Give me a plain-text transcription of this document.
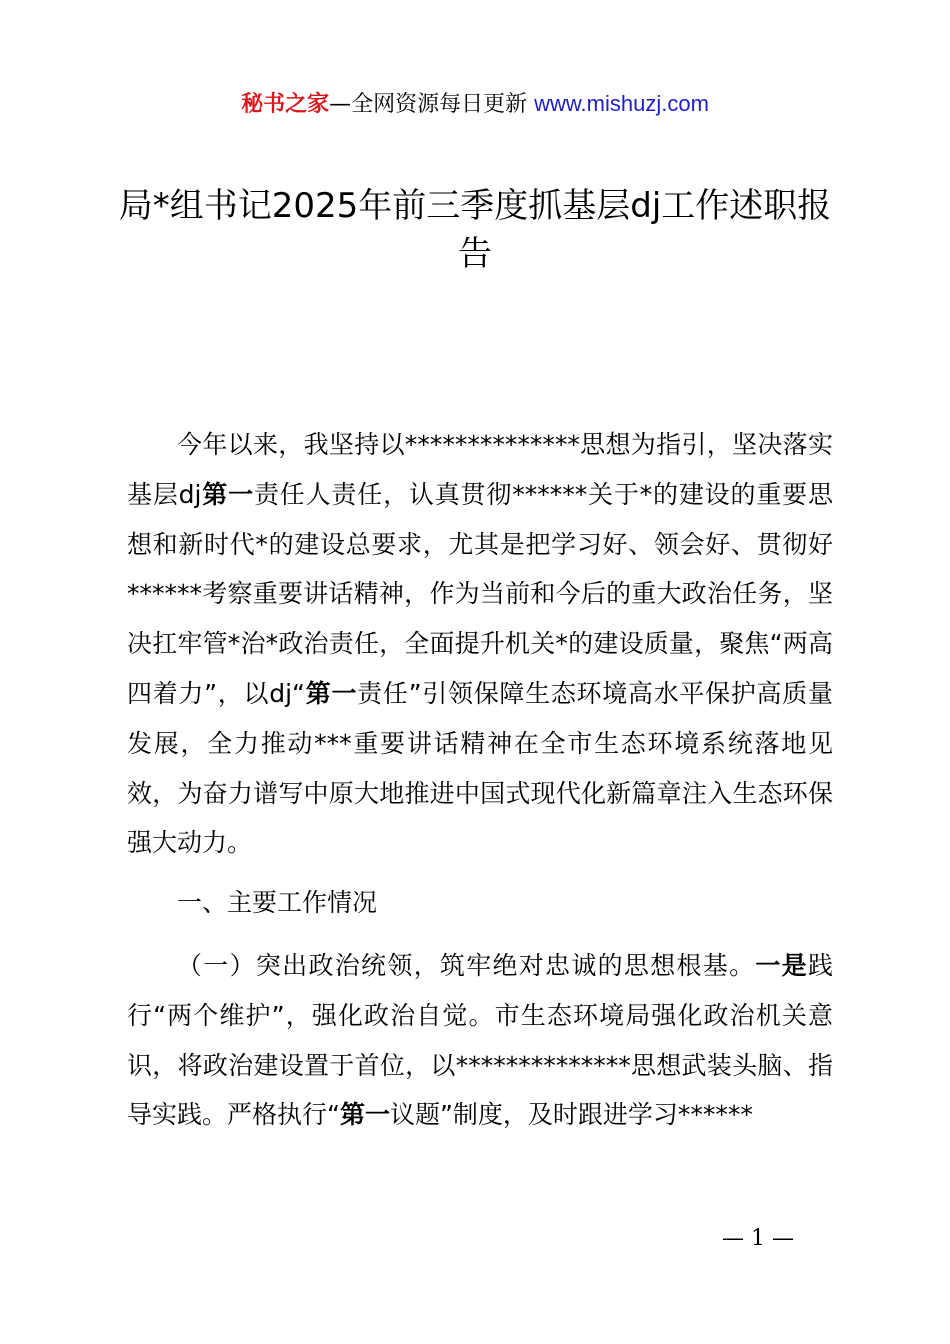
秘书之家—全网资源每日更新 www.mishuzj.com
局*组书记2025年前三季度抓基层dj工作述职报告

今年以来，我坚持以**************思想为指引，坚决落实基层dj第一责任人责任，认真贯彻******关于*的建设的重要思想和新时代*的建设总要求，尤其是把学习好、领会好、贯彻好******考察重要讲话精神，作为当前和今后的重大政治任务，坚决扛牢管*治*政治责任，全面提升机关*的建设质量，聚焦“两高四着力”，以dj“第一责任”引领保障生态环境高水平保护高质量发展，全力推动***重要讲话精神在全市生态环境系统落地见效，为奋力谱写中原大地推进中国式现代化新篇章注入生态环保强大动力。

一、主要工作情况

（一）突出政治统领，筑牢绝对忠诚的思想根基。一是践行“两个维护”，强化政治自觉。市生态环境局强化政治机关意识，将政治建设置于首位，以**************思想武装头脑、指导实践。严格执行“第一议题”制度，及时跟进学习******

— 1 —
